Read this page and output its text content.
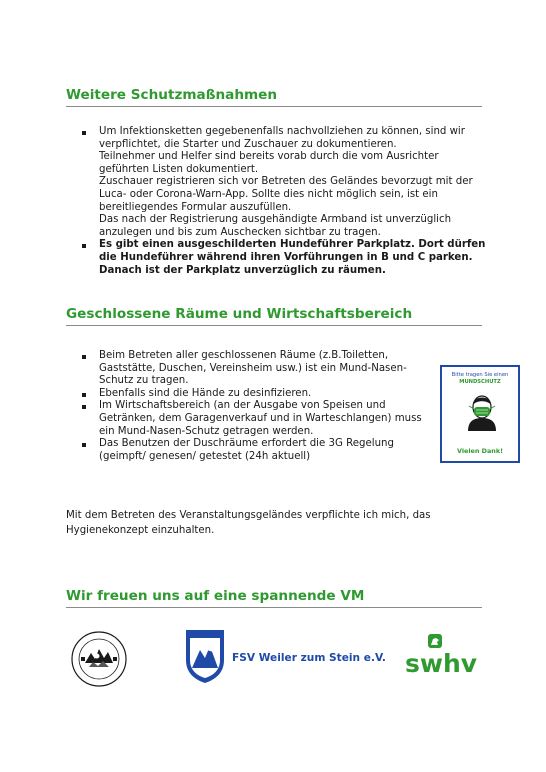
Weitere Schutzmaßnahmen
Um Infektionsketten gegebenenfalls nachvollziehen zu können, sind wir
verpflichtet, die Starter und Zuschauer zu dokumentieren.
Teilnehmer und Helfer sind bereits vorab durch die vom Ausrichter
geführten Listen dokumentiert.
Zuschauer registrieren sich vor Betreten des Geländes bevorzugt mit der
Luca- oder Corona-Warn-App. Sollte dies nicht möglich sein, ist ein
bereitliegendes Formular auszufüllen.
Das nach der Registrierung ausgehändigte Armband ist unverzüglich
anzulegen und bis zum Auschecken sichtbar zu tragen.
Es gibt einen ausgeschilderten Hundeführer Parkplatz. Dort dürfen
die Hundeführer während ihren Vorführungen in B und C parken.
Danach ist der Parkplatz unverzüglich zu räumen.
Geschlossene Räume und Wirtschaftsbereich
Beim Betreten aller geschlossenen Räume (z.B.Toiletten,
Gaststätte, Duschen, Vereinsheim usw.) ist ein Mund-Nasen-
Schutz zu tragen.
Ebenfalls sind die Hände zu desinfizieren.
Im Wirtschaftsbereich (an der Ausgabe von Speisen und
Getränken, dem Garagenverkauf und in Warteschlangen) muss
ein Mund-Nasen-Schutz getragen werden.
Das Benutzen der Duschräume erfordert die 3G Regelung
(geimpft/ genesen/ getestet (24h aktuell)
Bitte tragen Sie einen
MUNDSCHUTZ
Vielen Dank!

Mit dem Betreten des Veranstaltungsgeländes verpflichte ich mich, das
Hygienekonzept einzuhalten.

Wir freuen uns auf eine spannende VM
FSV Weiler zum Stein e.V. swhv
